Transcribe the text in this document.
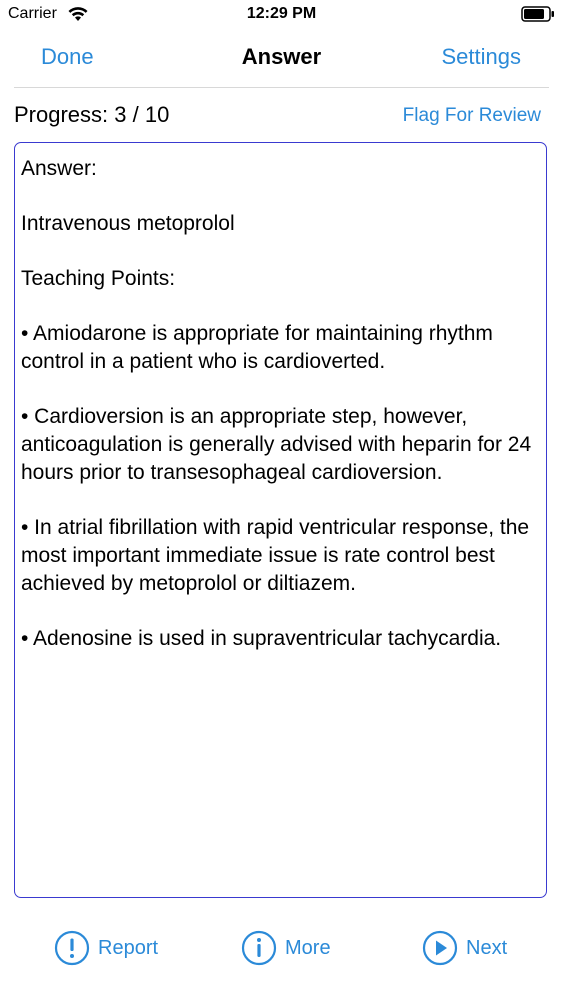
Carrier	12:29 PM
Done	Answer	Settings
Progress: 3 / 10	Flag For Review

Answer:

Intravenous metoprolol

Teaching Points:

• Amiodarone is appropriate for maintaining rhythm control in a patient who is cardioverted.

• Cardioversion is an appropriate step, however, anticoagulation is generally advised with heparin for 24 hours prior to transesophageal cardioversion.

• In atrial fibrillation with rapid ventricular response, the most important immediate issue is rate control best achieved by metoprolol or diltiazem.

• Adenosine is used in supraventricular tachycardia.

Report	More	Next
